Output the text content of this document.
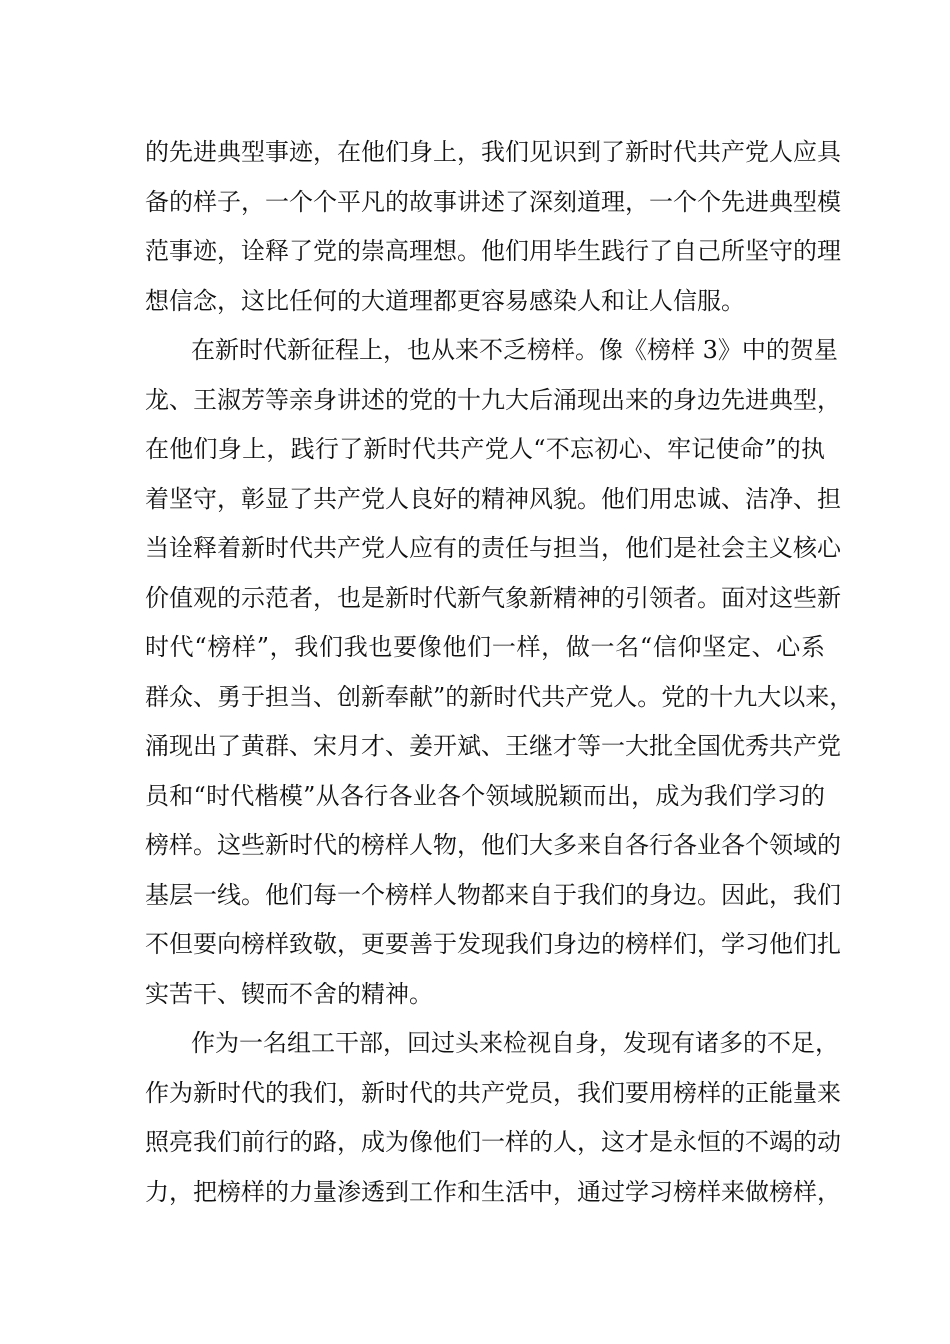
的先进典型事迹，在他们身上，我们见识到了新时代共产党人应具
备的样子，一个个平凡的故事讲述了深刻道理，一个个先进典型模
范事迹，诠释了党的崇高理想。他们用毕生践行了自己所坚守的理
想信念，这比任何的大道理都更容易感染人和让人信服。
在新时代新征程上，也从来不乏榜样。像《榜样 3》中的贺星
龙、王淑芳等亲身讲述的党的十九大后涌现出来的身边先进典型，
在他们身上，践行了新时代共产党人“不忘初心、牢记使命”的执
着坚守，彰显了共产党人良好的精神风貌。他们用忠诚、洁净、担
当诠释着新时代共产党人应有的责任与担当，他们是社会主义核心
价值观的示范者，也是新时代新气象新精神的引领者。面对这些新
时代“榜样”，我们我也要像他们一样，做一名“信仰坚定、心系
群众、勇于担当、创新奉献”的新时代共产党人。党的十九大以来，
涌现出了黄群、宋月才、姜开斌、王继才等一大批全国优秀共产党
员和“时代楷模”从各行各业各个领域脱颖而出，成为我们学习的
榜样。这些新时代的榜样人物，他们大多来自各行各业各个领域的
基层一线。他们每一个榜样人物都来自于我们的身边。因此，我们
不但要向榜样致敬，更要善于发现我们身边的榜样们，学习他们扎
实苦干、锲而不舍的精神。
作为一名组工干部，回过头来检视自身，发现有诸多的不足，
作为新时代的我们，新时代的共产党员，我们要用榜样的正能量来
照亮我们前行的路，成为像他们一样的人，这才是永恒的不竭的动
力，把榜样的力量渗透到工作和生活中，通过学习榜样来做榜样，
